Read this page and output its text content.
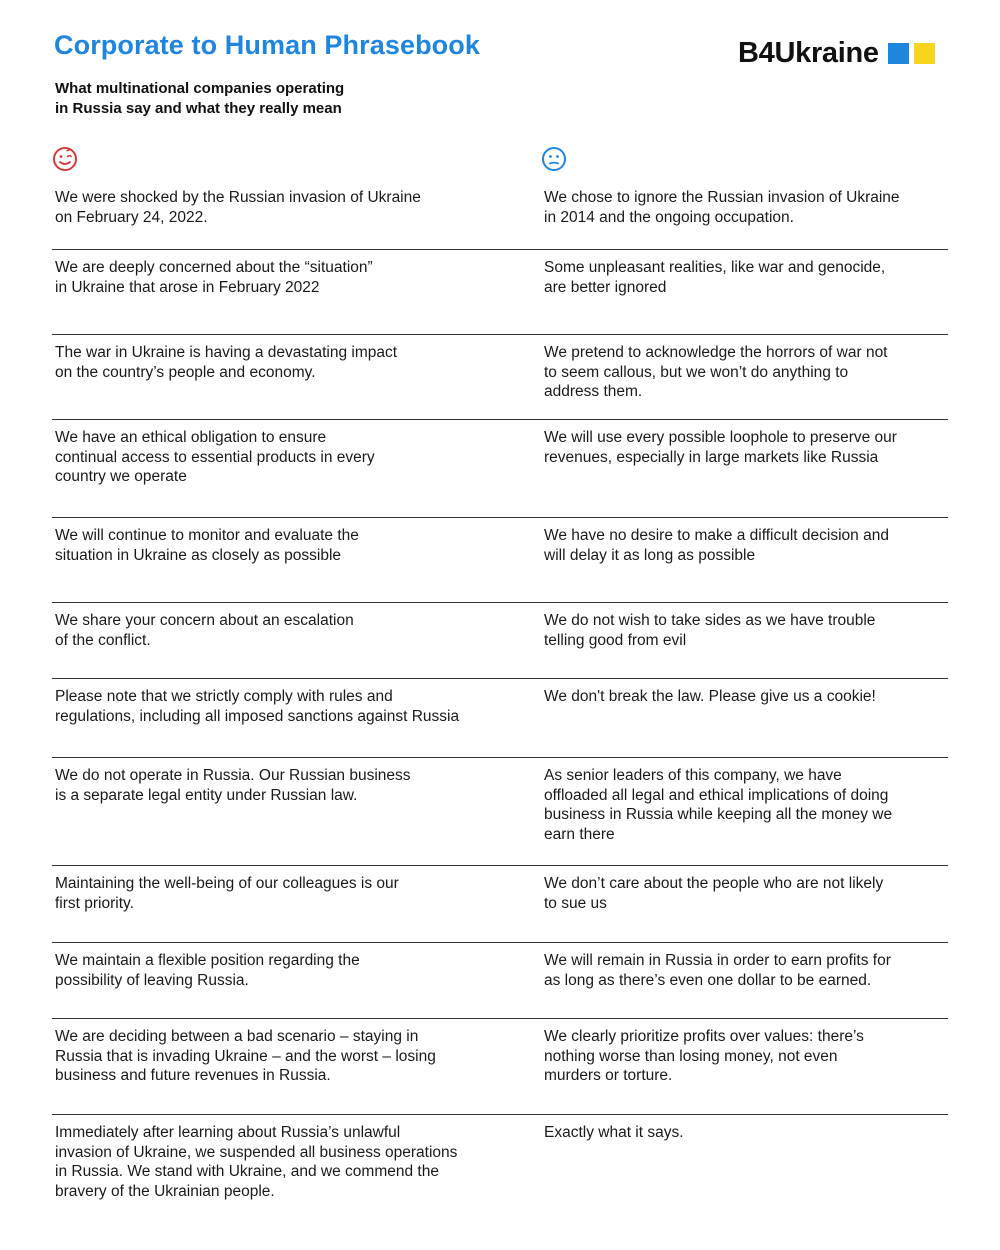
Corporate to Human Phrasebook

What multinational companies operating
in Russia say and what they really mean

B4Ukraine
We were shocked by the Russian invasion of Ukraine
on February 24, 2022.
We chose to ignore the Russian invasion of Ukraine
in 2014 and the ongoing occupation.
We are deeply concerned about the “situation”
in Ukraine that arose in February 2022
Some unpleasant realities, like war and genocide,
are better ignored
The war in Ukraine is having a devastating impact
on the country’s people and economy.
We pretend to acknowledge the horrors of war not
to seem callous, but we won’t do anything to
address them.
We have an ethical obligation to ensure
continual access to essential products in every
country we operate
We will use every possible loophole to preserve our
revenues, especially in large markets like Russia
We will continue to monitor and evaluate the
situation in Ukraine as closely as possible
We have no desire to make a difficult decision and
will delay it as long as possible
We share your concern about an escalation
of the conflict.
We do not wish to take sides as we have trouble
telling good from evil
Please note that we strictly comply with rules and
regulations, including all imposed sanctions against Russia
We don't break the law. Please give us a cookie!
We do not operate in Russia. Our Russian business
is a separate legal entity under Russian law.
As senior leaders of this company, we have
offloaded all legal and ethical implications of doing
business in Russia while keeping all the money we
earn there
Maintaining the well-being of our colleagues is our
first priority.
We don’t care about the people who are not likely
to sue us
We maintain a flexible position regarding the
possibility of leaving Russia.
We will remain in Russia in order to earn profits for
as long as there’s even one dollar to be earned.
We are deciding between a bad scenario – staying in
Russia that is invading Ukraine – and the worst – losing
business and future revenues in Russia.
We clearly prioritize profits over values: there’s
nothing worse than losing money, not even
murders or torture.
Immediately after learning about Russia’s unlawful
invasion of Ukraine, we suspended all business operations
in Russia. We stand with Ukraine, and we commend the
bravery of the Ukrainian people.
Exactly what it says.
